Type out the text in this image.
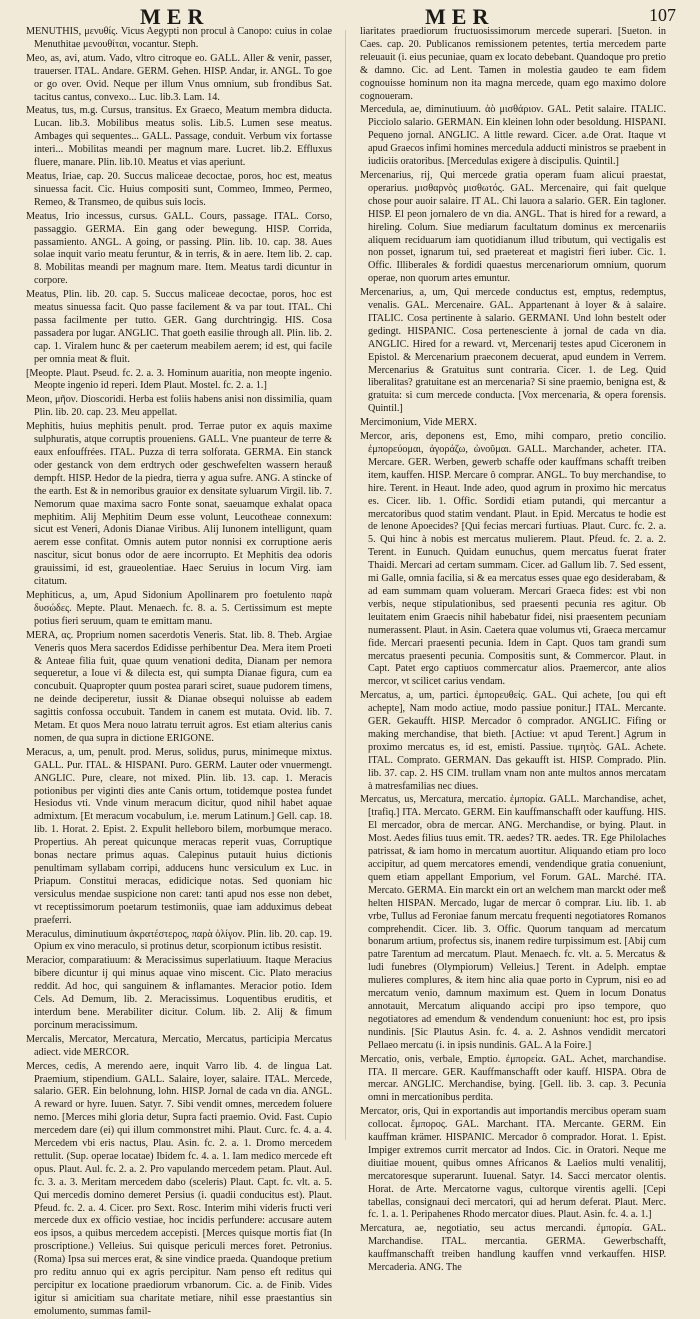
MER	MER	107

MENUTHIS, μενυθίς. Vicus Aegypti non procul à Canopo: cuius in colae Menuthitae μενουθίται, vocantur. Steph.

Meo, as, avi, atum. Vado, vltro citroque eo. GALL. Aller & venir, passer, trauerser. ITAL. Andare. GERM. Gehen. HISP. Andar, ir. ANGL. To goe or go over. Ovid. Neque per illum Vnus omnium, sub frondibus Sat. tacitus cantus, convexo... Luc. lib.3. Lam. 14.

Meatus, tus, m.g. Cursus, transitus. Ex Graeco, Meatum membra diducta. Lucan. lib.3. Mobilibus meatus solis. Lib.5. Lumen sese meatus. Ambages qui sequentes... GALL. Passage, conduit. Verbum vix fortasse interi... Mobilitas meandi per magnum mare. Lucret. lib.2. Effluxus fluere, manare. Plin. lib.10. Meatus et vias aperiunt.

Meatus, Iriae, cap. 20. Succus maliceae decoctae, poros, hoc est, meatus sinuessa facit. Cic. Huius compositi sunt, Commeo, Immeo, Permeo, Remeo, & Transmeo, de quibus suis locis.

Meatus, Irio incessus, cursus. GALL. Cours, passage. ITAL. Corso, passaggio. GERMA. Ein gang oder bewegung. HISP. Corrida, passamiento. ANGL. A going, or passing. Plin. lib. 10. cap. 38. Aues solae inquit vario meatu feruntur, & in terris, & in aere. Item lib. 2. cap. 8. Mobilitas meandi per magnum mare. Item. Meatus tardi dicuntur in corpore.

Meatus, Plin. lib. 20. cap. 5. Succus maliceae decoctae, poros, hoc est meatus sinuessa facit. Quo passe facilement & va par tout. ITAL. Chi passa facilmente per tutto. GER. Gang durchtringig. HIS. Cosa passadera por lugar. ANGLIC. That goeth easilie through all. Plin. lib. 2. cap. 1. Viralem hunc & per caeterum meabilem aerem; id est, qui facile per omnia meat & fluit.

[Meopte. Plaut. Pseud. fc. 2. a. 3. Hominum auaritia, non meopte ingenio. Meopte ingenio id reperi. Idem Plaut. Mostel. fc. 2. a. 1.]

Meon, μῆον. Dioscoridi. Herba est foliis habens anisi non dissimilia, quam Plin. lib. 20. cap. 23. Meu appellat.

Mephitis, huius mephitis penult. prod. Terrae putor ex aquis maxime sulphuratis, atque corruptis proueniens. GALL. Vne puanteur de terre & eaux enfouffrées. ITAL. Puzza di terra solforata. GERMA. Ein stanck oder gestanck von dem erdtrych oder geschwefelten wassern herauß dempft. HISP. Hedor de la piedra, tierra y agua sufre. ANG. A stincke of the earth. Est & in nemoribus grauior ex densitate syluarum Virgil. lib. 7. Nemorum quae maxima sacro Fonte sonat, saeuamque exhalat opaca mephitim. Alij Mephitim Deum esse volunt, Leucotheae connexum: sicut est Veneri, Adonis Dianae Viribus. Alij Iunonem intelligunt, quam aerem esse confitat. Omnis autem putor nonnisi ex corruptione aeris nascitur, sicut bonus odor de aere incorrupto. Et Mephitis dea odoris grauissimi, id est, graueolentiae. Haec Seruius in locum Virg. iam citatum.

Mephiticus, a, um, Apud Sidonium Apollinarem pro foetulento παρὰ δυσώδες. Mepte. Plaut. Menaech. fc. 8. a. 5. Certissimum est mepte potius fieri seruum, quam te emittam manu.

MERA, ας. Proprium nomen sacerdotis Veneris. Stat. lib. 8. Theb. Argiae Veneris quos Mera sacerdos Edidisse perhibentur Dea. Mera item Proeti & Anteae filia fuit, quae quum venationi dedita, Dianam per nemora sequeretur, a Ioue vi & dilecta est, qui sumpta Dianae figura, cum ea concubuit. Quapropter quum postea parari sciret, suaue pudorem timens, ne deinde deciperetur, iussit & Dianae obsequi noluisse ab eadem sagittis confossa occubuit. Tandem in canem est mutata. Ovid. lib. 7. Metam. Et quos Mera nouo latratu terruit agros. Est etiam alterius canis nomen, de qua supra in dictione ERIGONE.

Meracus, a, um, penult. prod. Merus, solidus, purus, minimeque mixtus. GALL. Pur. ITAL. & HISPANI. Puro. GERM. Lauter oder vnuermengt. ANGLIC. Pure, cleare, not mixed. Plin. lib. 13. cap. 1. Meracis potionibus per viginti dies ante Canis ortum, totidemque postea fundet Hesiodus vti. Vnde vinum meracum dicitur, quod nihil habet aquae admixtum. [Et meracum vocabulum, i.e. merum Latinum.] Gell. cap. 18. lib. 1. Horat. 2. Epist. 2. Expulit helleboro bilem, morbumque meraco. Propertius. Ah pereat quicunque meracas reperit vuas, Corruptique bonas nectare primus aquas. Calepinus putauit huius dictionis penultimam syllabam corripi, adducens hunc versiculum ex Luc. in Priapum. Constitui meracas, edidicique notas. Sed quoniam hic versiculus mendae suspicione non caret: tanti apud nos esse non debet, vt receptissimorum poetarum testimoniis, quae iam adduximus debeat praeferri.

Meraculus, diminutiuum ἀκρατέστερος, παρὰ ὀλίγον. Plin. lib. 20. cap. 19. Opium ex vino meraculo, si protinus detur, scorpionum ictibus resistit.

Meracior, comparatiuum: & Meracissimus superlatiuum. Itaque Meracius bibere dicuntur ij qui minus aquae vino miscent. Cic. Plato meracius reddit. Ad hoc, qui sanguinem & inflamantes. Meracior potio. Idem Cels. Ad Demum, lib. 2. Meracissimus. Loquentibus eruditis, et interdum bene. Merabiliter dicitur. Colum. lib. 2. Alij & fimum porcinum meracissimum.

Mercalis, Mercator, Mercatura, Mercatio, Mercatus, participia Mercatus adiect. vide MERCOR.

Merces, cedis, A merendo aere, inquit Varro lib. 4. de lingua Lat. Praemium, stipendium. GALL. Salaire, loyer, salaire. ITAL. Mercede, salario. GER. Ein belohnung, lohn. HISP. Jornal de cada vn dia. ANGL. A reward or hyre. Iuuen. Satyr. 7. Sibi vendit omnes, mercedem foluere nemo. [Merces mihi gloria detur, Supra facti praemio. Ovid. Fast. Cupio mercedem dare (ei) qui illum commonstret mihi. Plaut. Curc. fc. 4. a. 4. Mercedem vbi eris nactus, Plau. Asin. fc. 2. a. 1. Dromo mercedem rettulit. (Sup. operae locatae) Ibidem fc. 4. a. 1. Iam medico mercede eft opus. Plaut. Aul. fc. 2. a. 2. Pro vapulando mercedem petam. Plaut. Aul. fc. 3. a. 3. Meritam mercedem dabo (sceleris) Plaut. Capt. fc. vlt. a. 5. Qui mercedis domino demeret Persius (i. quadii conducitus est). Plaut. Pfeud. fc. 2. a. 4. Cicer. pro Sext. Rosc. Interim mihi videris fructi veri mercede dux ex officio vestiae, hoc incidis perfundere: accusare autem eos ipsos, a quibus mercedem accepisti. [Merces quisque mortis fiat (In proscriptione.) Velleius. Sui quisque periculi merces foret. Petronius. (Roma) Ipsa sui merces erat, & sine vindice praeda. Quandoque pretium pro reditu annuo qui ex agris percipitur. Nam penso eft reditus qui percipitur ex locatione praediorum vrbanorum. Cic. a. de Finib. Vides igitur si amicitiam sua charitate metiare, nihil esse praestantius sin emolumento, summas famil-

liaritates praediorum fructuosissimorum mercede superari. [Sueton. in Caes. cap. 20. Publicanos remissionem petentes, tertia mercedem parte releuauit (i. eius pecuniae, quam ex locato debebant. Quandoque pro pretio & damno. Cic. ad Lent. Tamen in molestia gaudeo te eam fidem cognouisse hominum non ita magna mercede, quam ego maximo dolore cognoueram.

Mercedula, ae, diminutiuum. ἀὸ μισθάριον. GAL. Petit salaire. ITALIC. Picciolo salario. GERMAN. Ein kleinen lohn oder besoldung. HISPANI. Pequeno jornal. ANGLIC. A little reward. Cicer. a.de Orat. Itaque vt apud Graecos infimi homines mercedula adducti ministros se praebent in iudiciis oratoribus. [Mercedulas exigere à discipulis. Quintil.]

Mercenarius, rij, Qui mercede gratia operam fuam alicui praestat, operarius. μισθαρνὸς μισθωτός. GAL. Mercenaire, qui fait quelque chose pour auoir salaire. IT AL. Chi lauora a salario. GER. Ein tagloner. HISP. El peon jornalero de vn dia. ANGL. That is hired for a reward, a hireling. Colum. Siue mediarum facultatum dominus ex mercenariis aliquem reciduarum iam quotidianum illud tributum, qui vectigalis est non posset, ignarum tui, sed praetereat et magistri fieri iuber. Cic. 1. Offic. Illiberales & fordidi quaestus mercenariorum omnium, quorum operae, non quorum artes emuntur.

Mercenarius, a, um, Qui mercede conductus est, emptus, redemptus, venalis. GAL. Mercenaire. GAL. Appartenant à loyer & à salaire. ITALIC. Cosa pertinente à salario. GERMANI. Und lohn bestelt oder gedingt. HISPANIC. Cosa pertenesciente à jornal de cada vn dia. ANGLIC. Hired for a reward. vt, Mercenarij testes apud Ciceronem in Epistol. & Mercenarium praeconem decuerat, apud eundem in Verrem. Mercenarius & Gratuitus sunt contraria. Cicer. 1. de Leg. Quid liberalitas? gratuitane est an mercenaria? Si sine praemio, benigna est, & gratuita: si cum mercede conducta. [Vox mercenaria, & opera forensis. Quintil.]

Mercimonium, Vide MERX.

Mercor, aris, deponens est, Emo, mihi comparo, pretio concilio. ἐμπορεύομαι, ἀγοράζω, ὠνοῦμαι. GALL. Marchander, acheter. ITA. Mercare. GER. Werben, gewerb schaffe oder kauffmans schafft treiben item, kauffen. HISP. Mercare ô comprar. ANGL. To buy merchandise, to hire. Terent. in Heaut. Inde adeo, quod agrum in proximo hic mercatus es. Cicer. lib. 1. Offic. Sordidi etiam putandi, qui mercantur a mercatoribus quod statim vendant. Plaut. in Epid. Mercatus te hodie est de lenone Apoecides? [Qui fecias mercari furtiuas. Plaut. Curc. fc. 2. a. 5. Qui hinc à nobis est mercatus mulierem. Plaut. Pfeud. fc. 2. a. 2. Terent. in Eunuch. Quidam eunuchus, quem mercatus fuerat frater Thaidi. Mercari ad certam summam. Cicer. ad Gallum lib. 7. Sed essent, mi Galle, omnia facilia, si & ea mercatus esses quae ego desiderabam, & ad eam summam quam volueram. Mercari Graeca fides: est vbi non verbis, neque stipulationibus, sed praesenti pecunia res agitur. Ob leuitatem enim Graecis nihil habebatur fidei, nisi praesentem pecuniam numerassent. Plaut. in Asin. Caetera quae volumus vti, Graeca mercamur fide. Mercari praesenti pecunia. Idem in Capt. Quos tam grandi sum mercatus praesenti pecunia. Compositis sunt, & Commercor. Plaut. in Capt. Patet ergo captiuos commercatur alios. Praemercor, ante alios mercor, vt scilicet carius vendam.

Mercatus, a, um, partici. ἐμπορευθείς. GAL. Qui achete, [ou qui eft achepte], Nam modo actiue, modo passiue ponitur.] ITAL. Mercante. GER. Gekaufft. HISP. Mercador ô comprador. ANGLIC. Fifing or making merchandise, that bieth. [Actiue: vt apud Terent.] Agrum in proximo mercatus es, id est, emisti. Passiue. τιμητὸς. GAL. Achete. ITAL. Comprato. GERMAN. Das gekaufft ist. HISP. Comprado. Plin. lib. 37. cap. 2. HS CIM. trullam vnam non ante multos annos mercatam à matresfamilias nec diues.

Mercatus, us, Mercatura, mercatio. ἐμπορία. GALL. Marchandise, achet, [trafiq.] ITA. Mercato. GERM. Ein kauffmanschafft oder kauffung. HIS. El mercador, obra de mercar. ANG. Merchandise, or bying. Plaut. in Most. Aedes filius tuus emit. TR. aedes? TR. aedes. TR. Ege Philolaches patrissat, & iam homo in mercatum auortitur. Aliquando etiam pro loco accipitur, ad quem mercatores emendi, vendendique gratia conueniunt, quem etiam appellant Emporium, vel Forum. GAL. Marché. ITA. Mercato. GERMA. Ein marckt ein ort an welchem man marckt oder meß helten HISPAN. Mercado, lugar de mercar ô comprar. Liu. lib. 1. ab vrbe, Tullus ad Feroniae fanum mercatu frequenti negotiatores Romanos comprehendit. Cicer. lib. 3. Offic. Quorum tanquam ad mercatum bonarum artium, profectus sis, inanem redire turpissimum est. [Abij cum patre Tarentum ad mercatum. Plaut. Menaech. fc. vlt. a. 5. Mercatus & ludi funebres (Olympiorum) Velleius.] Terent. in Adelph. emptae mulieres complures, & item hinc alia quae porto in Cyprum, nisi eo ad mercatum venio, damnum maximum est. Quem in locum Donatus annotauit, Mercatum aliquando accipi pro ipso tempore, quo negotiatores ad emendum & vendendum conueniunt: hoc est, pro ipsis nundinis. [Sic Plautus Asin. fc. 4. a. 2. Ashnos vendidit mercatori Pellaeo mercatu (i. in ipsis nundinis. GAL. A la Foire.]

Mercatio, onis, verbale, Emptio. ἐμπορεία. GAL. Achet, marchandise. ITA. Il mercare. GER. Kauffmanschafft oder kauff. HISPA. Obra de mercar. ANGLIC. Merchandise, bying. [Gell. lib. 3. cap. 3. Pecunia omni in mercationibus perdita.

Mercator, oris, Qui in exportandis aut importandis mercibus operam suam collocat. ἔμπορος. GAL. Marchant. ITA. Mercante. GERM. Ein kauffman krämer. HISPANIC. Mercador ô comprador. Horat. 1. Epist. Impiger extremos currit mercator ad Indos. Cic. in Oratori. Neque me diuitiae mouent, quibus omnes Africanos & Laelios multi venalitij, mercatoresque superarunt. Iuuenal. Satyr. 14. Sacci mercator olentis. Horat. de Arte. Mercatorne vagus, cultorque virentis agelli. [Cepi tabellas, consignaui deci mercatori, qui ad herum deferat. Plaut. Merc. fc. 1. a. 1. Peripahenes Rhodo mercator diues. Plaut. Asin. fc. 4. a. 1.]

Mercatura, ae, negotiatio, seu actus mercandi. ἐμπορία. GAL. Marchandise. ITAL. mercantia. GERMA. Gewerbschafft, kauffmanschafft treiben handlung kauffen vnnd verkauffen. HISP. Mercaderia. ANG. The
